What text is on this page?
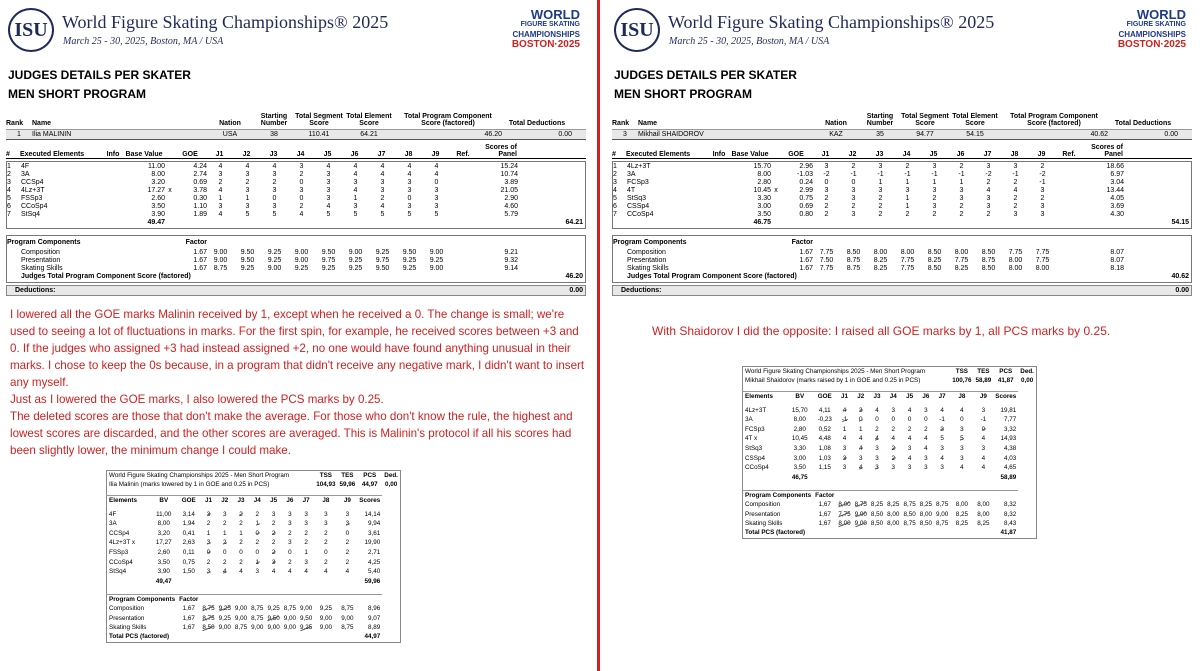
ISU World Figure Skating Championships® 2025
March 25 - 30, 2025, Boston, MA / USA
WORLD
FIGURE SKATING
CHAMPIONSHIPS
BOSTON·2025
JUDGES DETAILS PER SKATER
MEN SHORT PROGRAM
Rank	Name	Nation
Starting Number
Total Segment Score
Total Element Score
Total Program Component Score (factored)	Total Deductions
1	Ilia MALININ	USA	38	110.41	64.21	46.20	0.00
#	Executed Elements	Info Base Value	GOE	J1	J2	J3	J4	J5	J6	J7	J8	J9	Ref.
Scores of Panel
1	4F	11.00	4.24	4	4	4	3	4	4	4	4	4	15.24
2	3A	8.00	2.74	3	3	3	2	3	4	4	4	4	10.74
3	CCSp4	3.20	0.69	2	2	2	0	3	3	3	3	0	3.89
4	4Lz+3T	17.27 x	3.78	4	3	3	3	3	4	3	3	3	21.05
5	FSSp3	2.60	0.30	1	1	0	0	3	1	2	0	3	2.90
6	CCoSp4	3.50	1.10	3	3	3	2	4	3	4	3	3	4.60
7	StSq4	3.90	1.89	4	5	5	4	5	5	5	5	5	5.79
49.47	64.21
Program Components	Factor
Composition	1.67 9.00	9.50	9.25	9.00	9.50	9.00	9.25	9.50	9.00	9.21
Presentation	1.67 9.00	9.50	9.25	9.00	9.75	9.25	9.75	9.25	9.25	9.32
Skating Skills	1.67 8.75	9.25	9.00	9.25	9.25	9.25	9.50	9.25	9.00	9.14
Judges Total Program Component Score (factored)	46.20
Deductions:	0.00
I lowered all the GOE marks Malinin received by 1, except when he received a 0. The change is small; we're used to seeing a lot of fluctuations in marks. For the first spin, for example, he received scores between +3 and 0. If the judges who assigned +3 had instead assigned +2, no one would have found anything unusual in their marks. I chose to keep the 0s because, in a program that didn't receive any negative mark, I didn't want to insert any myself.
Just as I lowered the GOE marks, I also lowered the PCS marks by 0.25.
The deleted scores are those that don't make the average. For those who don't know the rule, the highest and lowest scores are discarded, and the other scores are averaged. This is Malinin's protocol if all his scores had been slightly lower, the minimum change I could make.
World Figure Skating Championships 2025 - Men Short Program										TSS	TES	PCS	Ded.
Ilia Malinin (marks lowered by 1 in GOE and 0.25 in PCS)										104,93	59,96	44,97	0,00

Elements	BV	GOE	J1	J2	J3	J4	J5	J6	J7	J8	J9	Scores	

4F	11,00	3,14	3	3	2	2	3	3	3	3	3	14,14	
3A	8,00	1,94	2	2	2	1	2	3	3	3	3	9,94	
CCSp4	3,20	0,41	1	1	1	0	2	2	2	2	0	3,61	
4Lz+3T x	17,27	2,63	3	2	2	2	2	3	2	2	2	19,90	
FSSp3	2,60	0,11	0	0	0	0	2	0	1	0	2	2,71	
CCoSp4	3,50	0,75	2	2	2	1	3	2	3	2	2	4,25	
StSq4	3,90	1,50	3	4	4	3	4	4	4	4	4	5,40	
	49,47											59,96	

Program Components		Factor											
Composition		1,67	8,75	9,25	9,00	8,75	9,25	8,75	9,00	9,25	8,75	8,96	
Presentation		1,67	8,75	9,25	9,00	8,75	9,50	9,00	9,50	9,00	9,00	9,07	
Skating Skills		1,67	8,50	9,00	8,75	9,00	9,00	9,00	9,25	9,00	8,75	8,89	
Total PCS (factored)												44,97	
ISU World Figure Skating Championships® 2025
March 25 - 30, 2025, Boston, MA / USA
WORLD
FIGURE SKATING
CHAMPIONSHIPS
BOSTON·2025
JUDGES DETAILS PER SKATER
MEN SHORT PROGRAM
Rank	Name	Nation
Starting Number
Total Segment Score
Total Element Score
Total Program Component Score (factored)	Total Deductions
3	Mikhail SHAIDOROV	KAZ	35	94.77	54.15	40.62	0.00
#	Executed Elements	Info Base Value	GOE	J1	J2	J3	J4	J5	J6	J7	J8	J9	Ref.
Scores of Panel
1	4Lz+3T	15.70	2.96	3	2	3	2	3	2	3	3	2	18.66
2	3A	8.00	-1.03	-2	-1	-1	-1	-1	-1	-2	-1	-2	6.97
3	FCSp3	2.80	0.24	0	0	1	1	1	1	2	2	-1	3.04
4	4T	10.45 x	2.99	3	3	3	3	3	3	4	4	3	13.44
5	StSq3	3.30	0.75	2	3	2	1	2	3	3	2	2	4.05
6	CSSp4	3.00	0.69	2	2	2	1	3	2	3	2	3	3.69
7	CCoSp4	3.50	0.80	2	3	2	2	2	2	2	3	3	4.30
46.75	54.15
Program Components	Factor
Composition	1.67 7.75	8.50	8.00	8.00	8.50	8.00	8.50	7.75	7.75	8.07
Presentation	1.67 7.50	8.75	8.25	7.75	8.25	7.75	8.75	8.00	7.75	8.07
Skating Skills	1.67 7.75	8.75	8.25	7.75	8.50	8.25	8.50	8.00	8.00	8.18
Judges Total Program Component Score (factored)	40.62
Deductions:	0.00
With Shaidorov I did the opposite: I raised all GOE marks by 1, all PCS marks by 0.25.
World Figure Skating Championships 2025 - Men Short Program										TSS	TES	PCS	Ded.
Mikhail Shaidorov (marks raised by 1 in GOE and 0.25 in PCS)										100,76	58,89	41,87	0,00

Elements	BV	GOE	J1	J2	J3	J4	J5	J6	J7	J8	J9	Scores	

4Lz+3T	15,70	4,11	4	3	4	3	4	3	4	4	3	19,81	
3A	8,00	-0,23	-1	0	0	0	0	0	-1	0	-1	7,77	
FCSp3	2,80	0,52	1	1	2	2	2	2	3	3	0	3,32	
4T x	10,45	4,48	4	4	4	4	4	4	5	5	4	14,93	
StSq3	3,30	1,08	3	4	3	2	3	4	3	3	3	4,38	
CSSp4	3,00	1,03	3	3	3	2	4	3	4	3	4	4,03	
CCoSp4	3,50	1,15	3	4	3	3	3	3	3	4	4	4,65	
	46,75											58,89	

Program Components		Factor											
Composition		1,67	8,00	8,75	8,25	8,25	8,75	8,25	8,75	8,00	8,00	8,32	
Presentation		1,67	7,75	9,00	8,50	8,00	8,50	8,00	9,00	8,25	8,00	8,32	
Skating Skills		1,67	8,00	9,00	8,50	8,00	8,75	8,50	8,75	8,25	8,25	8,43	
Total PCS (factored)												41,87	
